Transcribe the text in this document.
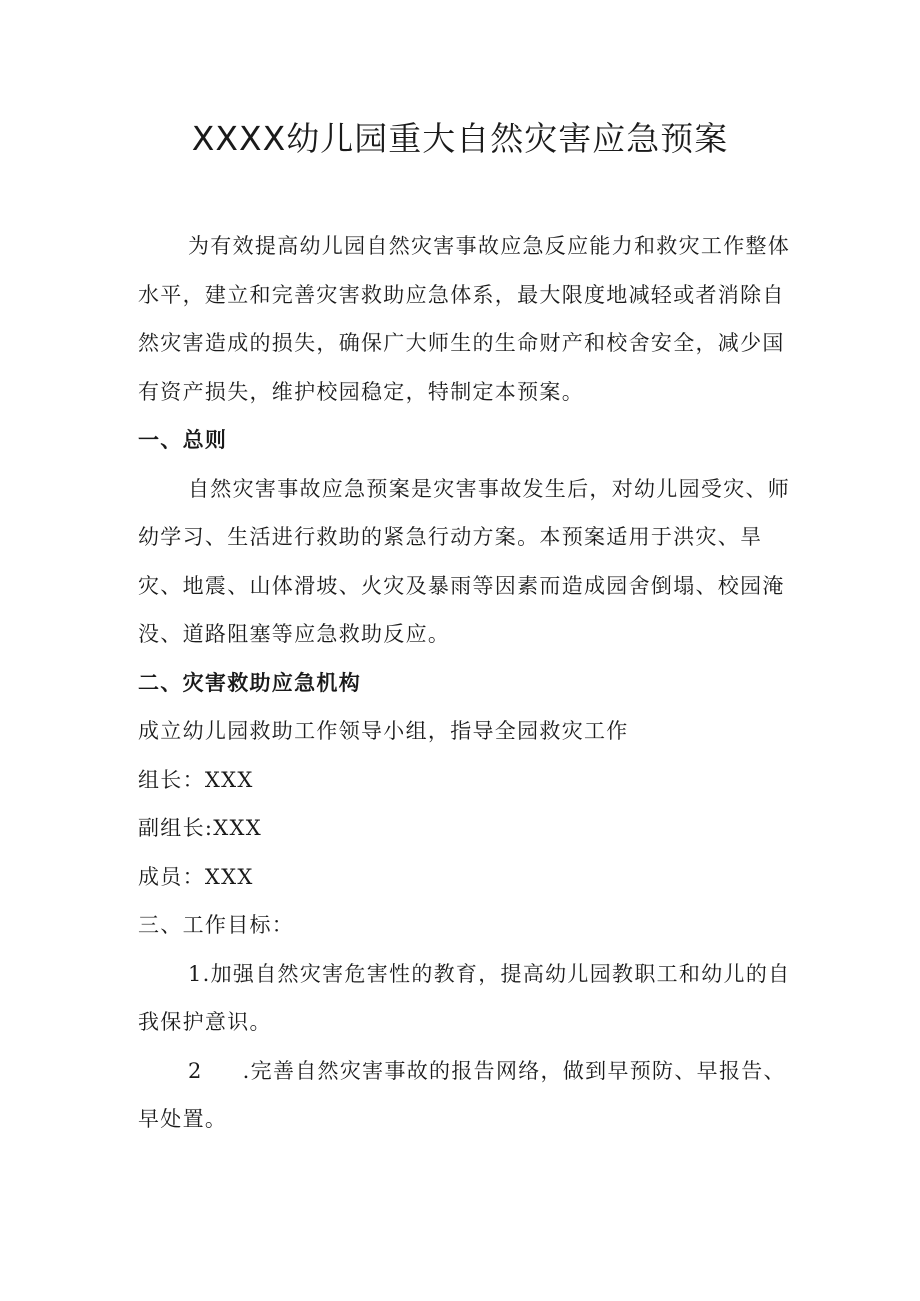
XXXX幼儿园重大自然灾害应急预案

为有效提高幼儿园自然灾害事故应急反应能力和救灾工作整体水平，建立和完善灾害救助应急体系，最大限度地减轻或者消除自然灾害造成的损失，确保广大师生的生命财产和校舍安全，减少国有资产损失，维护校园稳定，特制定本预案。

一、总则

自然灾害事故应急预案是灾害事故发生后，对幼儿园受灾、师幼学习、生活进行救助的紧急行动方案。本预案适用于洪灾、旱灾、地震、山体滑坡、火灾及暴雨等因素而造成园舍倒塌、校园淹没、道路阻塞等应急救助反应。

二、灾害救助应急机构

成立幼儿园救助工作领导小组，指导全园救灾工作

组长：XXX

副组长:XXX

成员：XXX

三、工作目标：

1.加强自然灾害危害性的教育，提高幼儿园教职工和幼儿的自我保护意识。

2 .完善自然灾害事故的报告网络，做到早预防、早报告、早处置。
